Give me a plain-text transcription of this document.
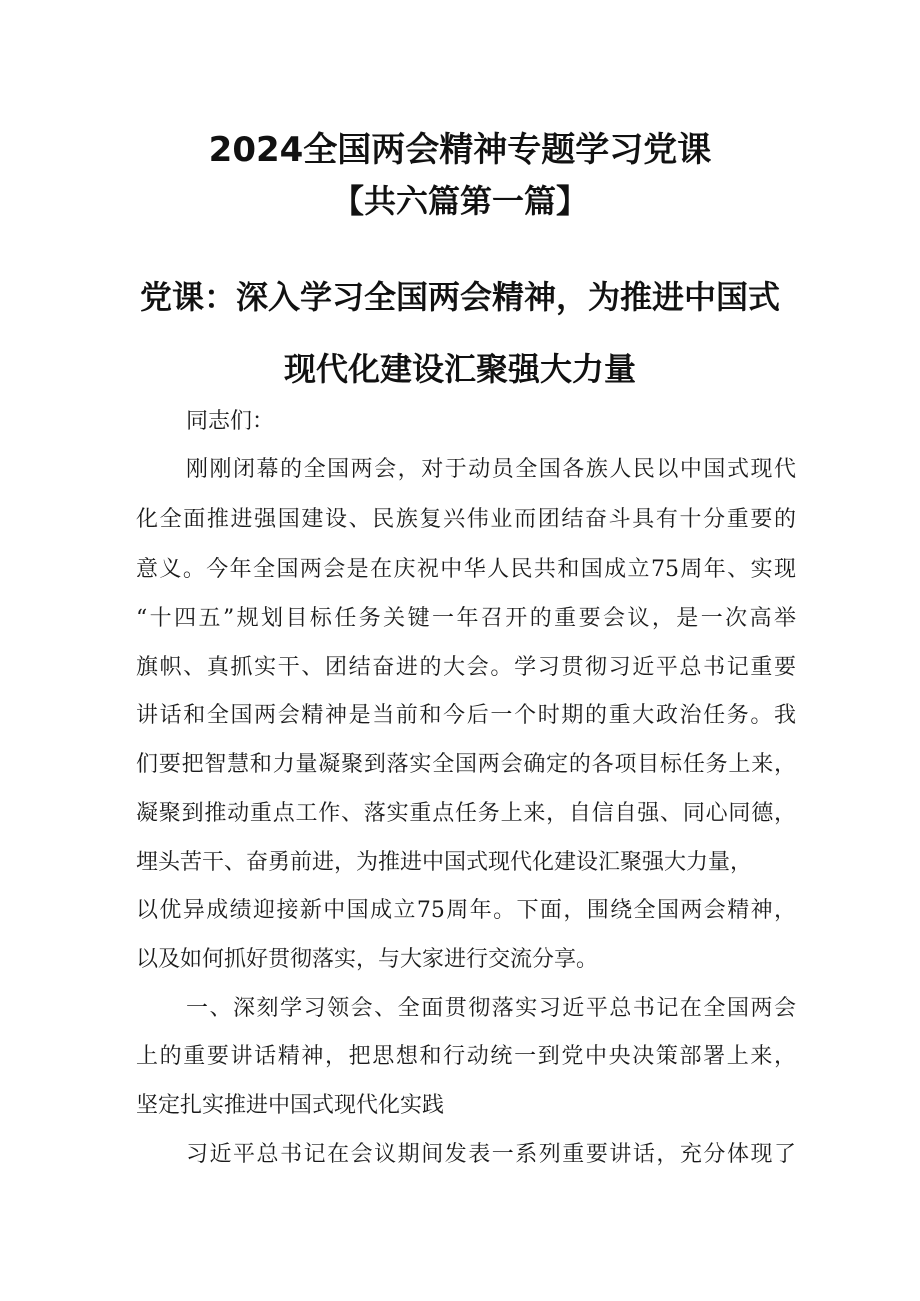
2024全国两会精神专题学习党课
【共六篇第一篇】
党课：深入学习全国两会精神，为推进中国式
现代化建设汇聚强大力量
同志们：
刚刚闭幕的全国两会，对于动员全国各族人民以中国式现代
化全面推进强国建设、民族复兴伟业而团结奋斗具有十分重要的
意义。今年全国两会是在庆祝中华人民共和国成立75周年、实现
“十四五”规划目标任务关键一年召开的重要会议，是一次高举
旗帜、真抓实干、团结奋进的大会。学习贯彻习近平总书记重要
讲话和全国两会精神是当前和今后一个时期的重大政治任务。我
们要把智慧和力量凝聚到落实全国两会确定的各项目标任务上来，
凝聚到推动重点工作、落实重点任务上来，自信自强、同心同德，
埋头苦干、奋勇前进，为推进中国式现代化建设汇聚强大力量，
以优异成绩迎接新中国成立75周年。下面，围绕全国两会精神，
以及如何抓好贯彻落实，与大家进行交流分享。
一、深刻学习领会、全面贯彻落实习近平总书记在全国两会
上的重要讲话精神，把思想和行动统一到党中央决策部署上来，
坚定扎实推进中国式现代化实践
习近平总书记在会议期间发表一系列重要讲话，充分体现了
